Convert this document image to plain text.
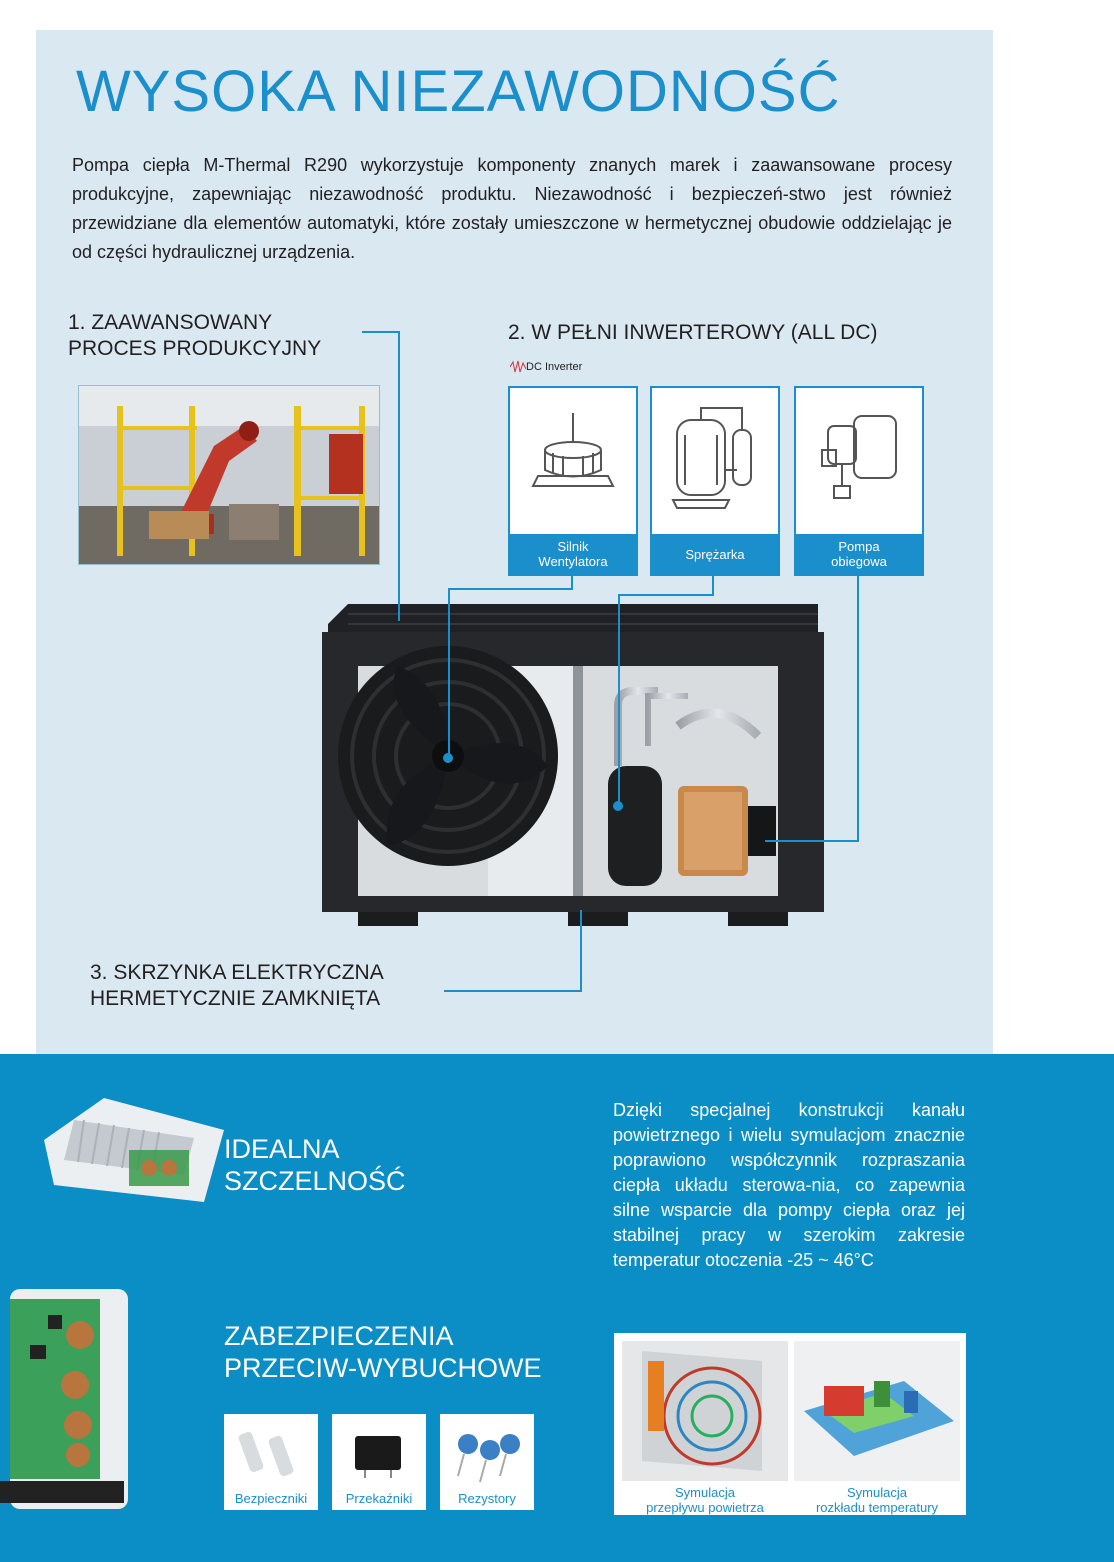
WYSOKA NIEZAWODNOŚĆ
Pompa ciepła M-Thermal R290 wykorzystuje komponenty znanych marek i zaawansowane procesy produkcyjne, zapewniając niezawodność produktu. Niezawodność i bezpieczeń-stwo jest również przewidziane dla elementów automatyki, które zostały umieszczone w hermetycznej obudowie oddzielając je od części hydraulicznej urządzenia.
1. ZAAWANSOWANY
PROCES PRODUKCYJNY
2. W PEŁNI INWERTEROWY (ALL DC)
DC Inverter
Silnik
Wentylatora	Sprężarka	Pompa
obiegowa
3. SKRZYNKA ELEKTRYCZNA
HERMETYCZNIE ZAMKNIĘTA
IDEALNA
SZCZELNOŚĆ
ZABEZPIECZENIA
PRZECIW-WYBUCHOWE
Bezpieczniki	Przekaźniki	Rezystory
Dzięki specjalnej konstrukcji kanału powietrznego i wielu symulacjom znacznie poprawiono współczynnik rozpraszania ciepła układu sterowa-nia, co zapewnia silne wsparcie dla pompy ciepła oraz jej stabilnej pracy w szerokim zakresie temperatur otoczenia -25 ~ 46°C
Symulacja
przepływu powietrza
Symulacja
rozkładu temperatury
